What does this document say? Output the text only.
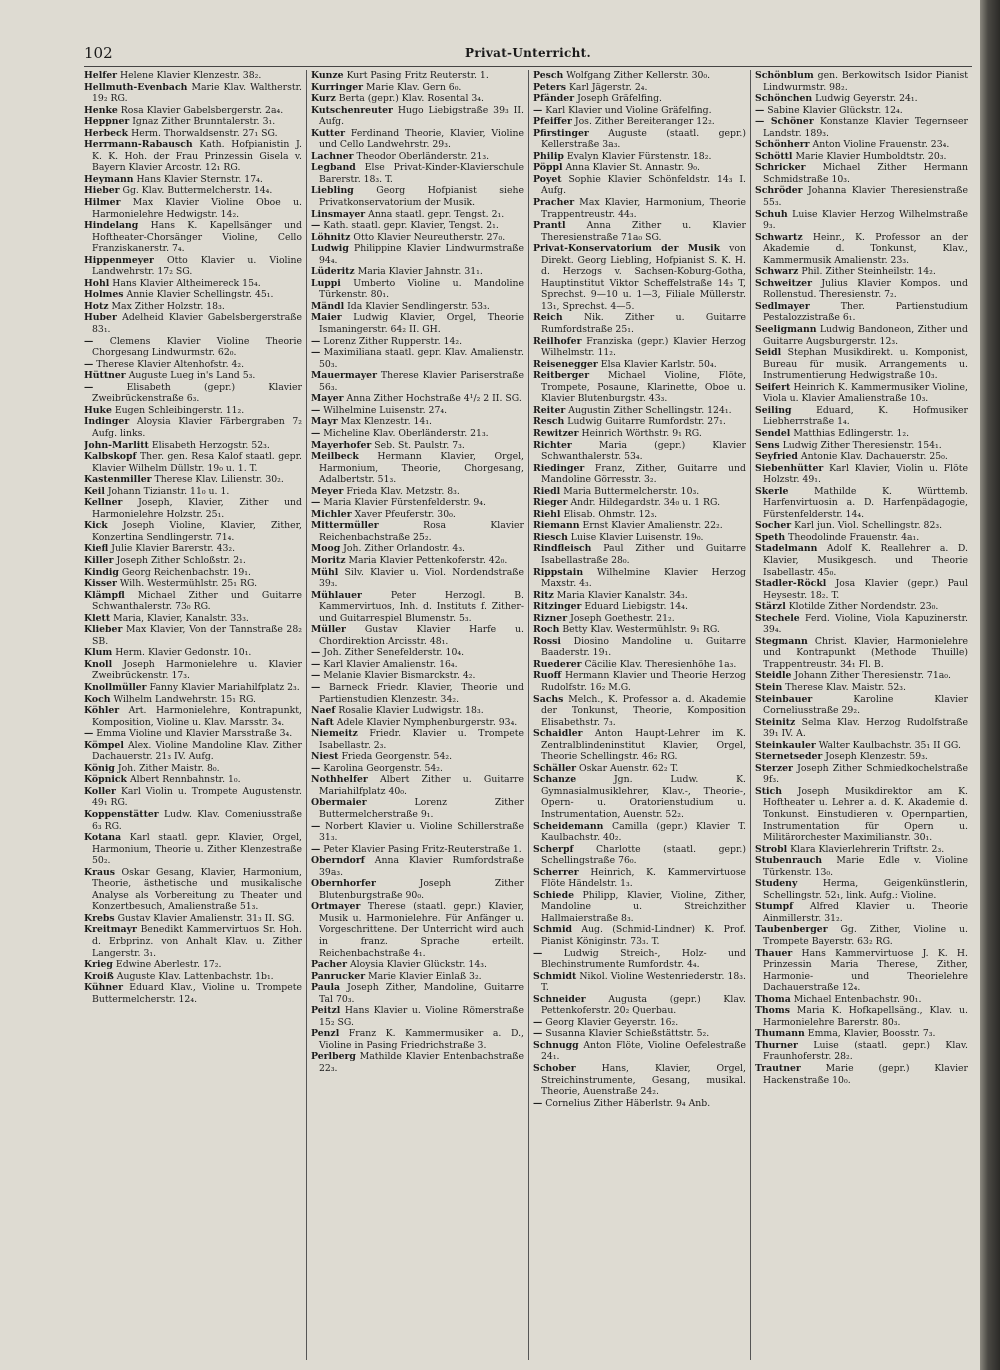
102	Privat-Unterricht.

Helfer Helene Klavier Klenzestr. 38₂.

Hellmuth-Evenbach Marie Klav. Waltherstr. 19₂ RG.

Henke Rosa Klavier Gabelsbergerstr. 2a₄.

Heppner Ignaz Zither Brunntalerstr. 3₁.

Herbeck Herm. Thorwaldsenstr. 27₁ SG.

Herrmann-Rabausch Kath. Hofpianistin J. K. K. Hoh. der Frau Prinzessin Gisela v. Bayern Klavier Arcostr. 12₁ RG.

Heymann Hans Klavier Sternstr. 17₄.

Hieber Gg. Klav. Buttermelcherstr. 14₄.

Hilmer Max Klavier Violine Oboe u. Harmonielehre Hedwigstr. 14₂.

Hindelang Hans K. Kapellsänger und Hoftheater-Chorsänger Violine, Cello Franziskanerstr. 7₄.

Hippenmeyer Otto Klavier u. Violine Landwehrstr. 17₂ SG.

Hohl Hans Klavier Altheimereck 15₄.

Holmes Annie Klavier Schellingstr. 45₁.

Hotz Max Zither Holzstr. 18₃.

Huber Adelheid Klavier Gabelsbergerstraße 83₁.

— Clemens Klavier Violine Theorie Chorgesang Lindwurmstr. 62₀.

— Therese Klavier Altenhofstr. 4₂.

Hüttner Auguste Lueg in's Land 5₃.

—	Elisabeth (gepr.) Klavier Zweibrückenstraße 6₃.

Huke Eugen Schleibingerstr. 11₂.

Indinger Aloysia Klavier Färbergraben 7₂ Aufg. links.

John-Marlitt Elisabeth Herzogstr. 52₃.

Kalbskopf Ther. gen. Resa Kalof staatl. gepr. Klavier Wilhelm Düllstr. 19₀ u. 1. T.

Kastenmiller Therese Klav. Lilienstr. 30₂.

Keil Johann Tizianstr. 11₀ u. 1.

Kellner Joseph, Klavier, Zither und Harmonielehre Holzstr. 25₁.

Kick Joseph Violine, Klavier, Zither, Konzertina Sendlingerstr. 71₄.

Kiefl Julie Klavier Barerstr. 43₂.

Killer Joseph Zither Schloßstr. 2₁.

Kindig Georg Reichenbachstr. 19₁.

Kisser Wilh. Westermühlstr. 25₁ RG.

Klämpfl Michael Zither und Guitarre Schwanthalerstr. 73₀ RG.

Klett Maria, Klavier, Kanalstr. 33₃.

Klieber Max Klavier, Von der Tannstraße 28₂ SB.

Klum Herm. Klavier Gedonstr. 10₁.

Knoll Joseph Harmonielehre u. Klavier Zweibrückenstr. 17₃.

Knollmüller Fanny Klavier Mariahilfplatz 2₃.

Koch Wilhelm Landwehrstr. 15₁ RG.

Köhler Art. Harmonielehre, Kontrapunkt, Komposition, Violine u. Klav. Marsstr. 3₄.

— Emma Violine und Klavier Marsstraße 3₄.

Kömpel Alex. Violine Mandoline Klav. Zither Dachauerstr. 21₃ IV. Aufg.

König Joh. Zither Maistr. 8₀.

Köpnick Albert Rennbahnstr. 1₀.

Koller Karl Violin u. Trompete Augustenstr. 49₁ RG.

Koppenstätter Ludw. Klav. Comeniusstraße 6₃ RG.

Kotana Karl staatl. gepr. Klavier, Orgel, Harmonium, Theorie u. Zither Klenzestraße 50₂.

Kraus Oskar Gesang, Klavier, Harmonium, Theorie, ästhetische und musikalische Analyse als Vorbereitung zu Theater und Konzertbesuch, Amalienstraße 51₃.

Krebs Gustav Klavier Amalienstr. 31₃ II. SG.

Kreitmayr Benedikt Kammervirtuos Sr. Hoh. d. Erbprinz. von Anhalt Klav. u. Zither Langerstr. 3₁.

Krieg Edwine Aberlestr. 17₂.

Kroiß Auguste Klav. Lattenbachstr. 1b₁.

Kühner Eduard Klav., Violine u. Trompete Buttermelcherstr. 12₄.

Kunze Kurt Pasing Fritz Reuterstr. 1.

Kurringer Marie Klav. Gern 6₀.

Kurz Berta (gepr.) Klav. Rosental 3₄.

Kutschenreuter Hugo Liebigstraße 39₃ II. Aufg.

Kutter Ferdinand Theorie, Klavier, Violine und Cello Landwehrstr. 29₃.

Lachner Theodor Oberländerstr. 21₃.

Legband Else Privat-Kinder-Klavierschule Barerstr. 18₃. T.

Liebling Georg Hofpianist siehe Privatkonservatorium der Musik.

Linsmayer Anna staatl. gepr. Tengst. 2₁.

— Kath. staatl. gepr. Klavier, Tengst. 2₁.

Löhnitz Otto Klavier Neureutherstr. 27₀.

Ludwig Philippine Klavier Lindwurmstraße 94₄.

Lüderitz Maria Klavier Jahnstr. 31₁.

Luppi Umberto Violine u. Mandoline Türkenstr. 80₁.

Mändl Ida Klavier Sendlingerstr. 53₃.

Maier Ludwig Klavier, Orgel, Theorie Ismaningerstr. 64₂ II. GH.

— Lorenz Zither Rupperstr. 14₂.

— Maximiliana staatl. gepr. Klav. Amalienstr. 50₃.

Mauermayer Therese Klavier Pariserstraße 56₃.

Mayer Anna Zither Hochstraße 4¹/₂ 2 II. SG.

— Wilhelmine Luisenstr. 27₄.

Mayr Max Klenzestr. 14₁.

— Micheline Klav. Oberländerstr. 21₃.

Mayerhofer Seb. St. Paulstr. 7₃.

Meilbeck Hermann Klavier, Orgel, Harmonium, Theorie, Chorgesang, Adalbertstr. 51₃.

Meyer Frieda Klav. Metzstr. 8₃.

— Maria Klavier Fürstenfelderstr. 9₄.

Michler Xaver Pfeuferstr. 30₀.

Mittermüller	Rosa Klavier Reichenbachstraße 25₂.

Moog Joh. Zither Orlandostr. 4₃.

Moritz Maria Klavier Pettenkoferstr. 42₀.

Mühl Silv. Klavier u. Viol. Nordendstraße 39₃.

Mühlauer	Peter Herzogl. B. Kammervirtuos, Inh. d. Instituts f. Zither- und Guitarrespiel Blumenstr. 5₃.

Müller Gustav Klavier Harfe u. Chordirektion Arcisstr. 48₁.

— Joh. Zither Senefelderstr. 10₄.

— Karl Klavier Amalienstr. 16₄.

— Melanie Klavier Bismarckstr. 4₂.

— Barneck Friedr. Klavier, Theorie und Partienstudien Klenzestr. 34₂.

Naef Rosalie Klavier Ludwigstr. 18₃.

Naft Adele Klavier Nymphenburgerstr. 93₄.

Niemeitz Friedr. Klavier u. Trompete Isabellastr. 2₃.

Niest Frieda Georgenstr. 54₂.

— Karolina Georgenstr. 54₂.

Nothhelfer Albert Zither u. Guitarre Mariahilfplatz 40₀.

Obermaier	Lorenz Zither Buttermelcherstraße 9₁.

— Norbert Klavier u. Violine Schillerstraße 31₃.

— Peter Klavier Pasing Fritz-Reuterstraße 1.

Oberndorf Anna Klavier Rumfordstraße 39a₃.

Obernhorfer	Joseph Zither Blutenburgstraße 90₀.

Ortmayer Therese (staatl. gepr.) Klavier, Musik u. Harmonielehre. Für Anfänger u. Vorgeschrittene. Der Unterricht wird auch in franz. Sprache erteilt. Reichenbachstraße 4₁.

Pacher Aloysia Klavier Glückstr. 14₃.

Panrucker Marie Klavier Einlaß 3₂.

Paula Joseph Zither, Mandoline, Guitarre Tal 70₃.

Peitzl Hans Klavier u. Violine Römerstraße 15₂ SG.

Penzl Franz K. Kammermusiker a. D., Violine in Pasing Friedrichstraße 3.

Perlberg Mathilde Klavier Entenbachstraße 22₃.

Pesch Wolfgang Zither Kellerstr. 30₀.

Peters Karl Jägerstr. 2₄.

Pfänder Joseph Gräfelfing.

— Karl Klavier und Violine Gräfelfing.

Pfeiffer Jos. Zither Bereiteranger 12₂.

Pfirstinger Auguste (staatl. gepr.) Kellerstraße 3a₃.

Philip Evalyn Klavier Fürstenstr. 18₂.

Pöppl Anna Klavier St. Annastr. 9₀.

Poyet Sophie Klavier Schönfeldstr. 14₃ I. Aufg.

Pracher Max Klavier, Harmonium, Theorie Trappentreustr. 44₃.

Prantl Anna Zither u. Klavier Theresienstraße 71a₀ SG.

Privat-Konservatorium der Musik von Direkt. Georg Liebling, Hofpianist S. K. H. d. Herzogs v. Sachsen-Koburg-Gotha, Hauptinstitut Viktor Scheffelstraße 14₃ T, Sprechst. 9—10 u. 1—3, Filiale Müllerstr. 13₁, Sprechst. 4—5.

Reich Nik. Zither u. Guitarre Rumfordstraße 25₁.

Reilhofer Franziska (gepr.) Klavier Herzog Wilhelmstr. 11₂.

Reisenegger Elsa Klavier Karlstr. 50₄.

Reitberger Michael Violine, Flöte, Trompete, Posaune, Klarinette, Oboe u. Klavier Blutenburgstr. 43₃.

Reiter Augustin Zither Schellingstr. 124₁.

Resch Ludwig Guitarre Rumfordstr. 27₁.

Rewitzer Heinrich Wörthstr. 9₁ RG.

Richter	Maria (gepr.) Klavier Schwanthalerstr. 53₄.

Riedinger Franz, Zither, Guitarre und Mandoline Görresstr. 3₂.

Riedl Maria Buttermelcherstr. 10₃.

Rieger Andr. Hildegardstr. 34₀ u. 1 RG.

Riehl Elisab. Ohmstr. 12₃.

Riemann Ernst Klavier Amalienstr. 22₂.

Riesch Luise Klavier Luisenstr. 19₀.

Rindfleisch Paul Zither und Guitarre Isabellastraße 28₀.

Rippstain Wilhelmine Klavier Herzog Maxstr. 4₃.

Ritz Maria Klavier Kanalstr. 34₃.

Ritzinger Eduard Liebigstr. 14₄.

Rizner Joseph Goethestr. 21₂.

Roch Betty Klav. Westermühlstr. 9₁ RG.

Rossi Diosino Mandoline u. Guitarre Baaderstr. 19₁.

Ruederer Cäcilie Klav. Theresienhöhe 1a₃.

Ruoff Hermann Klavier und Theorie Herzog Rudolfstr. 16₂ M.G.

Sachs Melch., K. Professor a. d. Akademie der Tonkunst, Theorie, Komposition Elisabethstr. 7₃.

Schaidler Anton Haupt-Lehrer im K. Zentralblindeninstitut Klavier, Orgel, Theorie Schellingstr. 46₂ RG.

Schäller Oskar Auenstr. 62₂ T.

Schanze	Jgn. Ludw. K. Gymnasialmusiklehrer, Klav.-, Theorie-, Opern- u. Oratorienstudium u. Instrumentation, Auenstr. 52₂.

Scheidemann Camilla (gepr.) Klavier T. Kaulbachstr. 40₂.

Scherpf Charlotte (staatl. gepr.) Schellingstraße 76₀.

Scherrer Heinrich, K. Kammervirtuose Flöte Händelstr. 1₃.

Schiede Philipp, Klavier, Violine, Zither, Mandoline u. Streichzither Hallmaierstraße 8₃.

Schmid Aug. (Schmid-Lindner) K. Prof. Pianist Königinstr. 73₃. T.

— Ludwig Streich-, Holz- und Blechinstrumente Rumfordstr. 4₄.

Schmidt Nikol. Violine Westenriederstr. 18₃. T.

Schneider Augusta (gepr.) Klav. Pettenkoferstr. 20₂ Querbau.

— Georg Klavier Geyerstr. 16₂.

— Susanna Klavier Schießstättstr. 5₂.

Schnugg Anton Flöte, Violine Oefelestraße 24₁.

Schober	Hans, Klavier, Orgel, Streichinstrumente, Gesang, musikal. Theorie, Auenstraße 24₂.

— Cornelius Zither Häberlstr. 9₄ Anb.

Schönblum gen. Berkowitsch Isidor Pianist Lindwurmstr. 98₂.

Schönchen Ludwig Geyerstr. 24₁.

— Sabine Klavier Glückstr. 12₄.

— Schöner Konstanze Klavier Tegernseer Landstr. 189₃.

Schönherr Anton Violine Frauenstr. 23₄.

Schöttl Marie Klavier Humboldtstr. 20₃.

Schricker Michael Zither Hermann Schmidstraße 10₃.

Schröder Johanna Klavier Theresienstraße 55₃.

Schuh Luise Klavier Herzog Wilhelmstraße 9₃.

Schwartz Heinr., K. Professor an der Akademie d. Tonkunst, Klav., Kammermusik Amalienstr. 23₃.

Schwarz Phil. Zither Steinheilstr. 14₂.

Schweitzer Julius Klavier Kompos. und Rollenstud. Theresienstr. 7₂.

Sedlmayer	Ther. Partienstudium Pestalozzistraße 6₁.

Seeligmann Ludwig Bandoneon, Zither und Guitarre Augsburgerstr. 12₃.

Seidl Stephan Musikdirekt. u. Komponist, Bureau für musik. Arrangements u. Instrumentierung Hedwigstraße 10₃.

Seifert Heinrich K. Kammermusiker Violine, Viola u. Klavier Amalienstraße 10₃.

Seiling	Eduard, K. Hofmusiker Liebherrstraße 1₄.

Sendel Matthias Edlingerstr. 1₂.

Sens Ludwig Zither Theresienstr. 154₁.

Seyfried Antonie Klav. Dachauerstr. 25₀.

Siebenhütter Karl Klavier, Violin u. Flöte Holzstr. 49₁.

Skerle	Mathilde K. Württemb. Harfenvirtuosin a. D. Harfenpädagogie, Fürstenfelderstr. 14₄.

Socher Karl jun. Viol. Schellingstr. 82₃.

Speth Theodolinde Frauenstr. 4a₁.

Stadelmann Adolf K. Reallehrer a. D. Klavier, Musikgesch. und Theorie Isabellastr. 45₀.

Stadler-Röckl Josa Klavier (gepr.) Paul Heysestr. 18₂. T.

Stärzl Klotilde Zither Nordendstr. 23₀.

Stechele Ferd. Violine, Viola Kapuzinerstr. 39₄.

Stegmann Christ. Klavier, Harmonielehre und Kontrapunkt (Methode Thuille) Trappentreustr. 34₁ Fl. B.

Steidle Johann Zither Theresienstr. 71a₀.

Stein Therese Klav. Maistr. 52₃.

Steinbauer	Karoline Klavier Corneliusstraße 29₂.

Steinitz Selma Klav. Herzog Rudolfstraße 39₁ IV. A.

Steinkauler Walter Kaulbachstr. 35₁ II GG.

Sternetseder Joseph Klenzestr. 59₃.

Sterzer Joseph Zither Schmiedkochelstraße 9f₃.

Stich Joseph Musikdirektor am K. Hoftheater u. Lehrer a. d. K. Akademie d. Tonkunst. Einstudieren v. Opernpartien, Instrumentation für Opern u. Militärorchester Maximilianstr. 30₁.

Strobl Klara Klavierlehrerin Triftstr. 2₃.

Stubenrauch Marie Edle v. Violine Türkenstr. 13₀.

Studeny	Herma, Geigenkünstlerin, Schellingstr. 52₁, link. Aufg.: Violine.

Stumpf Alfred Klavier u. Theorie Ainmillerstr. 31₂.

Taubenberger Gg. Zither, Violine u. Trompete Bayerstr. 63₂ RG.

Thauer Hans Kammervirtuose J. K. H. Prinzessin Maria Therese, Zither, Harmonie- und Theorielehre Dachauerstraße 12₄.

Thoma Michael Entenbachstr. 90₁.

Thoms Maria K. Hofkapellsäng., Klav. u. Harmonielehre Barerstr. 80₃.

Thumann Emma, Klavier, Boosstr. 7₃.

Thurner Luise (staatl. gepr.) Klav. Fraunhoferstr. 28₂.

Trautner	Marie (gepr.) Klavier Hackenstraße 10₀.
